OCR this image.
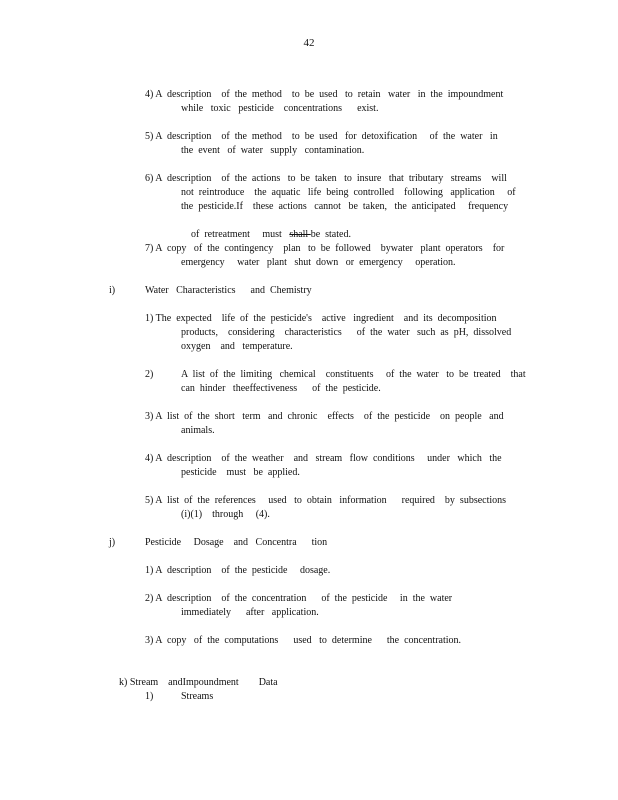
42
4) A  description    of  the  method    to  be  used   to  retain   water   in  the  impoundment
while   toxic   pesticide    concentrations      exist.
5) A  description    of  the  method    to  be  used   for  detoxification     of  the  water   in
the  event   of  water   supply   contamination.
6) A  description    of  the  actions   to  be  taken   to  insure   that  tributary   streams    will
not  reintroduce    the  aquatic   life  being  controlled    following   application     of
the  pesticide.If    these  actions   cannot   be  taken,   the  anticipated     frequency

of  retreatment     must   shall be  stated.

7) A  copy   of  the  contingency    plan   to  be  followed    bywater   plant  operators    for
emergency     water   plant   shut  down   or  emergency     operation.
i)	Water   Characteristics      and  Chemistry
1) The  expected    life  of  the  pesticide's    active   ingredient    and  its  decomposition
products,    considering    characteristics      of  the  water   such  as  pH,  dissolved
oxygen    and   temperature.
2)	A  list  of  the  limiting   chemical    constituents     of  the  water   to  be  treated    that
can  hinder   theeffectiveness      of  the  pesticide.
3) A  list  of  the  short   term   and  chronic    effects    of  the  pesticide    on  people   and
animals.
4) A  description    of  the  weather    and   stream   flow  conditions     under   which   the
pesticide    must   be  applied.
5) A  list  of  the  references     used   to  obtain   information      required    by  subsections
(i)(1)    through     (4).
j)	Pesticide     Dosage    and   Concentra      tion
1) A  description    of  the  pesticide     dosage.
2) A  description    of  the  concentration      of  the  pesticide     in  the  water
immediately      after   application.
3) A  copy   of  the  computations      used   to  determine      the  concentration.

k) Stream    andImpoundment        Data

1)	Streams
